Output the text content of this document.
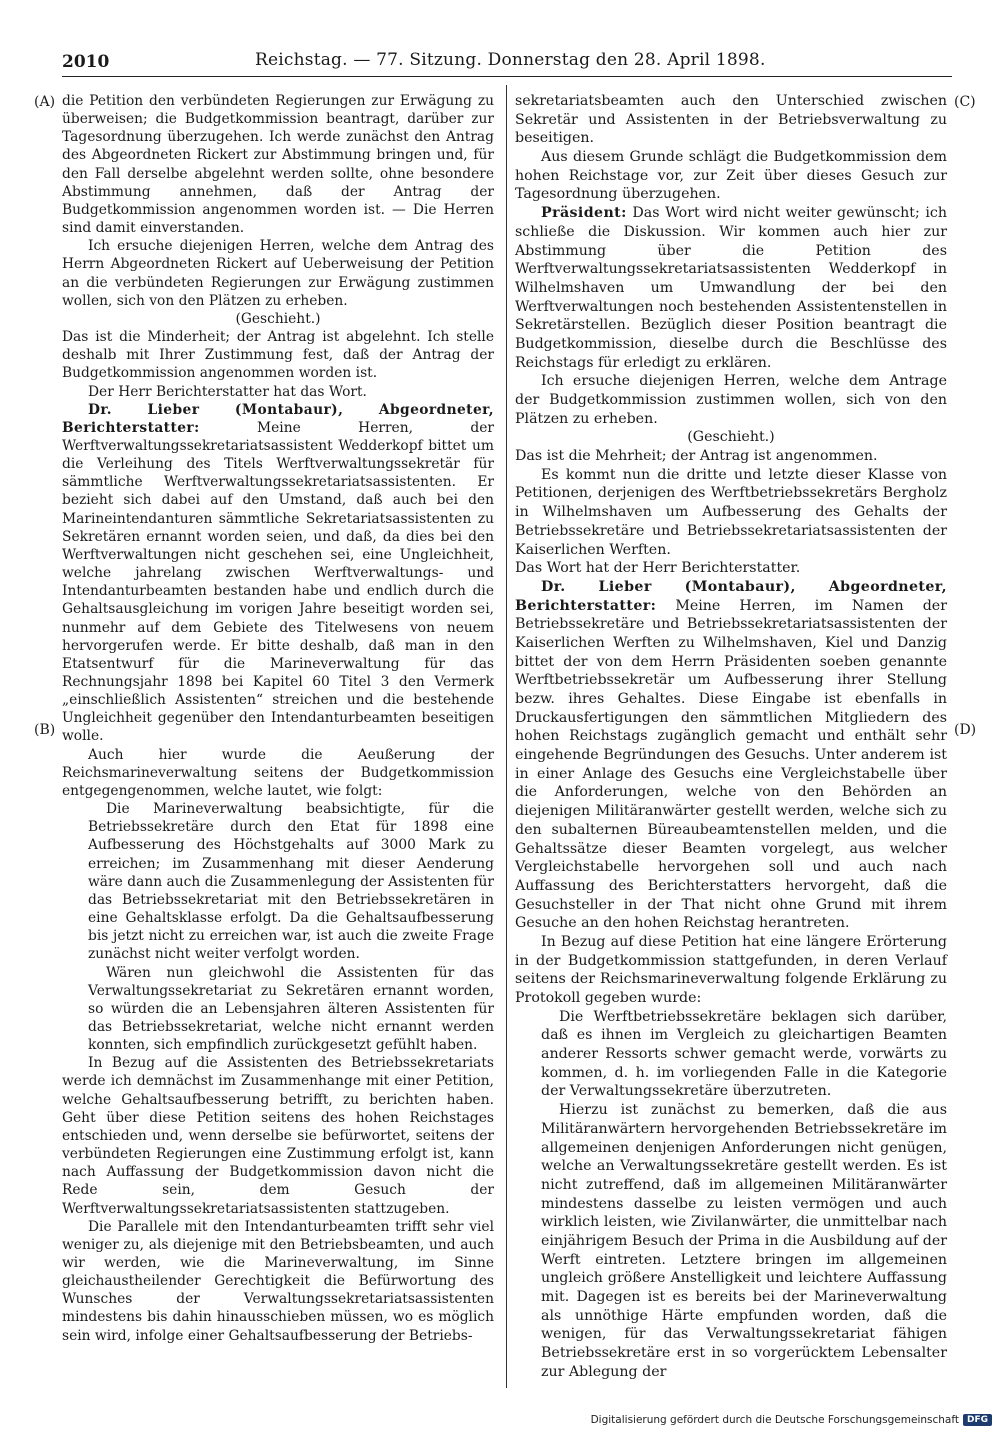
2010	Reichstag. — 77. Sitzung. Donnerstag den 28. April 1898.
(A)
(B)
(C)
(D)

die Petition den verbündeten Regierungen zur Erwägung zu überweisen; die Budgetkommission beantragt, darüber zur Tagesordnung überzugehen. Ich werde zunächst den Antrag des Abgeordneten Rickert zur Abstimmung bringen und, für den Fall derselbe abgelehnt werden sollte, ohne besondere Abstimmung annehmen, daß der Antrag der Budgetkommission angenommen worden ist. — Die Herren sind damit einverstanden.

Ich ersuche diejenigen Herren, welche dem Antrag des Herrn Abgeordneten Rickert auf Ueberweisung der Petition an die verbündeten Regierungen zur Erwägung zustimmen wollen, sich von den Plätzen zu erheben.

(Geschieht.)

Das ist die Minderheit; der Antrag ist abgelehnt. Ich stelle deshalb mit Ihrer Zustimmung fest, daß der Antrag der Budgetkommission angenommen worden ist.

Der Herr Berichterstatter hat das Wort.

Dr. Lieber (Montabaur), Abgeordneter, Berichterstatter:	Meine Herren, der Werftverwaltungssekretariatsassistent Wedderkopf bittet um die Verleihung des Titels Werftverwaltungssekretär für sämmtliche Werftverwaltungssekretariatsassistenten. Er bezieht sich dabei auf den Umstand, daß auch bei den Marineintendanturen sämmtliche Sekretariatsassistenten zu Sekretären ernannt worden seien, und daß, da dies bei den Werftverwaltungen nicht geschehen sei, eine Ungleichheit, welche jahrelang zwischen Werftverwaltungs- und Intendanturbeamten bestanden habe und endlich durch die Gehaltsausgleichung im vorigen Jahre beseitigt worden sei, nunmehr auf dem Gebiete des Titelwesens von neuem hervorgerufen werde. Er bitte deshalb, daß man in den Etatsentwurf für die Marineverwaltung für das Rechnungsjahr 1898 bei Kapitel 60 Titel 3 den Vermerk „einschließlich Assistenten“ streichen und die bestehende Ungleichheit gegenüber den Intendanturbeamten beseitigen wolle.

Auch hier wurde die Aeußerung der Reichsmarineverwaltung seitens der Budgetkommission entgegengenommen, welche lautet, wie folgt:

Die Marineverwaltung beabsichtigte, für die Betriebssekretäre durch den Etat für 1898 eine Aufbesserung des Höchstgehalts auf 3000 Mark zu erreichen; im Zusammenhang mit dieser Aenderung wäre dann auch die Zusammenlegung der Assistenten für das Betriebssekretariat mit den Betriebssekretären in eine Gehaltsklasse erfolgt. Da die Gehaltsaufbesserung bis jetzt nicht zu erreichen war, ist auch die zweite Frage zunächst nicht weiter verfolgt worden.

Wären nun gleichwohl die Assistenten für das Verwaltungssekretariat zu Sekretären ernannt worden, so würden die an Lebensjahren älteren Assistenten für das Betriebssekretariat, welche nicht ernannt werden konnten, sich empfindlich zurückgesetzt gefühlt haben.

In Bezug auf die Assistenten des Betriebssekretariats werde ich demnächst im Zusammenhange mit einer Petition, welche Gehaltsaufbesserung betrifft, zu berichten haben. Geht über diese Petition seitens des hohen Reichstages entschieden und, wenn derselbe sie befürwortet, seitens der verbündeten Regierungen eine Zustimmung erfolgt ist, kann nach Auffassung der Budgetkommission davon nicht die Rede sein, dem Gesuch der Werftverwaltungssekretariatsassistenten stattzugeben.

Die Parallele mit den Intendanturbeamten trifft sehr viel weniger zu, als diejenige mit den Betriebsbeamten, und auch wir werden, wie die Marineverwaltung, im Sinne gleichaustheilender Gerechtigkeit die Befürwortung des Wunsches der Verwaltungssekretariatsassistenten mindestens bis dahin hinausschieben müssen, wo es möglich sein wird, infolge einer Gehaltsaufbesserung der Betriebs-

sekretariatsbeamten auch den Unterschied zwischen Sekretär und Assistenten in der Betriebsverwaltung zu beseitigen.

Aus diesem Grunde schlägt die Budgetkommission dem hohen Reichstage vor, zur Zeit über dieses Gesuch zur Tagesordnung überzugehen.

Präsident: Das Wort wird nicht weiter gewünscht; ich schließe die Diskussion. Wir kommen auch hier zur Abstimmung über die Petition des Werftverwaltungssekretariatsassistenten Wedderkopf in Wilhelmshaven um Umwandlung der bei den Werftverwaltungen noch bestehenden Assistentenstellen in Sekretärstellen. Bezüglich dieser Position beantragt die Budgetkommission, dieselbe durch die Beschlüsse des Reichstags für erledigt zu erklären.

Ich ersuche diejenigen Herren, welche dem Antrage der Budgetkommission zustimmen wollen, sich von den Plätzen zu erheben.

(Geschieht.)

Das ist die Mehrheit; der Antrag ist angenommen.

Es kommt nun die dritte und letzte dieser Klasse von Petitionen, derjenigen des Werftbetriebssekretärs Bergholz in Wilhelmshaven um Aufbesserung des Gehalts der Betriebssekretäre und Betriebssekretariatsassistenten der Kaiserlichen Werften.

Das Wort hat der Herr Berichterstatter.

Dr. Lieber (Montabaur), Abgeordneter, Berichterstatter: Meine Herren, im Namen der Betriebssekretäre und Betriebssekretariatsassistenten der Kaiserlichen Werften zu Wilhelmshaven, Kiel und Danzig bittet der von dem Herrn Präsidenten soeben genannte Werftbetriebssekretär um Aufbesserung ihrer Stellung bezw. ihres Gehaltes. Diese Eingabe ist ebenfalls in Druckausfertigungen den sämmtlichen Mitgliedern des hohen Reichstags zugänglich gemacht und enthält sehr eingehende Begründungen des Gesuchs. Unter anderem ist in einer Anlage des Gesuchs eine Vergleichstabelle über die Anforderungen, welche von den Behörden an diejenigen Militäranwärter gestellt werden, welche sich zu den subalternen Büreaubeamtenstellen melden, und die Gehaltssätze dieser Beamten vorgelegt, aus welcher Vergleichstabelle hervorgehen soll und auch nach Auffassung des Berichterstatters hervorgeht, daß die Gesuchsteller in der That nicht ohne Grund mit ihrem Gesuche an den hohen Reichstag herantreten.

In Bezug auf diese Petition hat eine längere Erörterung in der Budgetkommission stattgefunden, in deren Verlauf seitens der Reichsmarineverwaltung folgende Erklärung zu Protokoll gegeben wurde:

Die Werftbetriebssekretäre beklagen sich darüber, daß es ihnen im Vergleich zu gleichartigen Beamten anderer Ressorts schwer gemacht werde, vorwärts zu kommen, d. h. im vorliegenden Falle in die Kategorie der Verwaltungssekretäre überzutreten.

Hierzu ist zunächst zu bemerken, daß die aus Militäranwärtern hervorgehenden Betriebssekretäre im allgemeinen denjenigen Anforderungen nicht genügen, welche an Verwaltungssekretäre gestellt werden. Es ist nicht zutreffend, daß im allgemeinen Militäranwärter mindestens dasselbe zu leisten vermögen und auch wirklich leisten, wie Zivilanwärter, die unmittelbar nach einjährigem Besuch der Prima in die Ausbildung auf der Werft eintreten. Letztere bringen im allgemeinen ungleich größere Anstelligkeit und leichtere Auffassung mit. Dagegen ist es bereits bei der Marineverwaltung als unnöthige Härte empfunden worden, daß die wenigen, für das Verwaltungssekretariat fähigen Betriebssekretäre erst in so vorgerücktem Lebensalter zur Ablegung der

Digitalisierung gefördert durch die Deutsche Forschungsgemeinschaft DFG
